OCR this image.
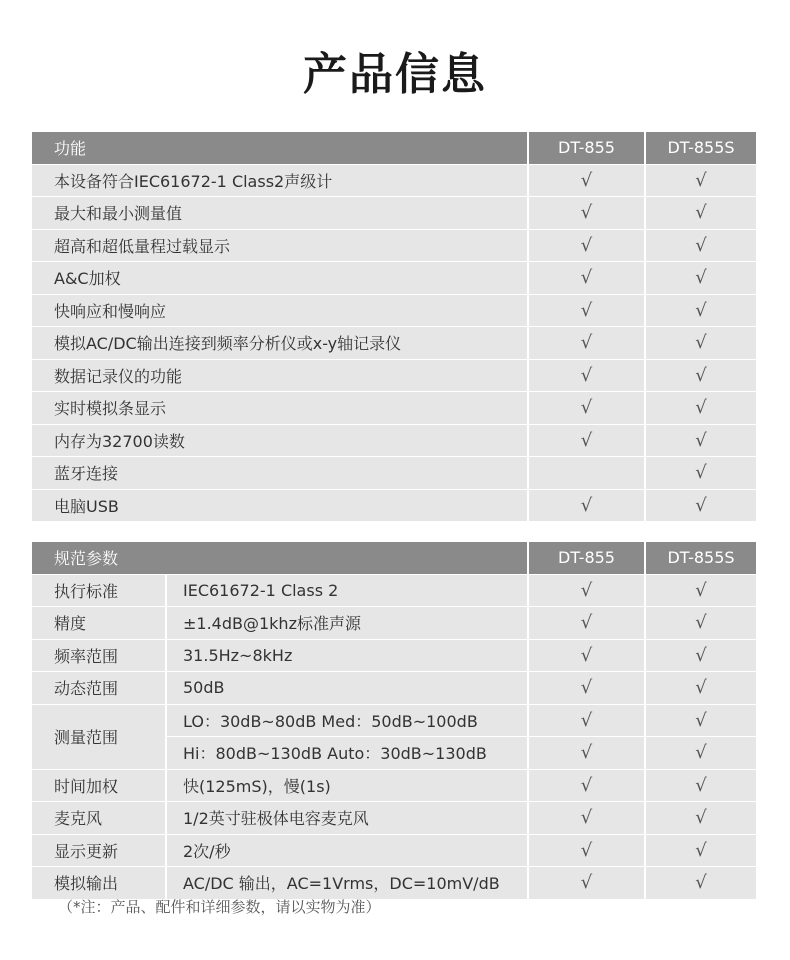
产品信息
功能	DT-855	DT-855S
本设备符合IEC61672-1 Class2声级计	√	√
最大和最小测量值	√	√
超高和超低量程过载显示	√	√
A&C加权	√	√
快响应和慢响应	√	√
模拟AC/DC输出连接到频率分析仪或x-y轴记录仪	√	√
数据记录仪的功能	√	√
实时模拟条显示	√	√
内存为32700读数	√	√
蓝牙连接		√
电脑USB	√	√
规范参数		DT-855	DT-855S
执行标准	IEC61672-1 Class 2	√	√
精度	±1.4dB@1khz标准声源	√	√
频率范围	31.5Hz~8kHz	√	√
动态范围	50dB	√	√
测量范围	LO：30dB~80dB Med：50dB~100dB	√	√
	Hi：80dB~130dB Auto：30dB~130dB	√	√
时间加权	快(125mS)，慢(1s)	√	√
麦克风	1/2英寸驻极体电容麦克风	√	√
显示更新	2次/秒	√	√
模拟输出	AC/DC 输出，AC=1Vrms，DC=10mV/dB	√	√
（*注：产品、配件和详细参数，请以实物为准）
